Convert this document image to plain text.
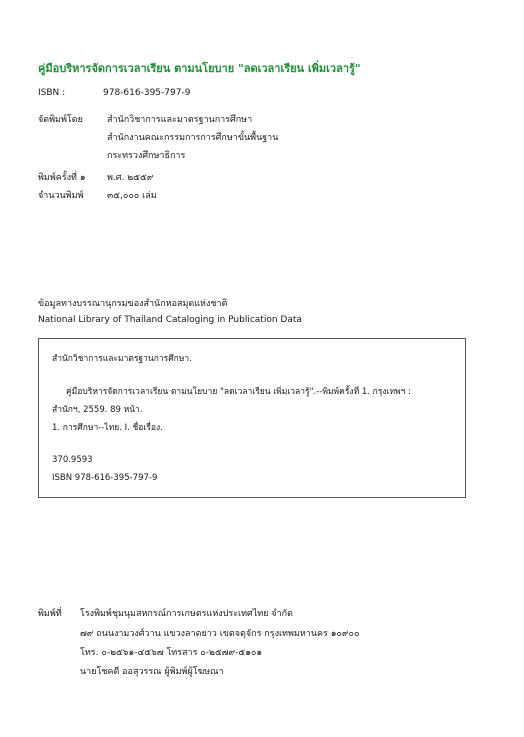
คู่มือบริหารจัดการเวลาเรียน ตามนโยบาย "ลดเวลาเรียน เพิ่มเวลารู้"
ISBN :	978-616-395-797-9
จัดพิมพ์โดย	สำนักวิชาการและมาตรฐานการศึกษา
สำนักงานคณะกรรมการการศึกษาขั้นพื้นฐาน
กระทรวงศึกษาธิการ
พิมพ์ครั้งที่ ๑ พ.ศ. ๒๕๕๙
จำนวนพิมพ์	๓๕,๐๐๐ เล่ม
ข้อมูลทางบรรณานุกรมของสำนักหอสมุดแห่งชาติ
National Library of Thailand Cataloging in Publication Data
สำนักวิชาการและมาตรฐานการศึกษา.
คู่มือบริหารจัดการเวลาเรียน ตามนโยบาย "ลดเวลาเรียน เพิ่มเวลารู้".--พิมพ์ครั้งที่ 1. กรุงเทพฯ :
สำนักฯ, 2559. 89 หน้า.
1. การศึกษา--ไทย. I. ชื่อเรื่อง.
370.9593
ISBN 978-616-395-797-9
พิมพ์ที่ โรงพิมพ์ชุมนุมสหกรณ์การเกษตรแห่งประเทศไทย จำกัด
๗๙ ถนนงามวงศ์วาน แขวงลาดยาว เขตจตุจักร กรุงเทพมหานคร ๑๐๙๐๐
โทร. ๐-๒๕๖๑-๔๕๖๗ โทรสาร ๐-๒๕๗๙-๕๑๐๑
นายโชคดี ออสุวรรณ ผู้พิมพ์ผู้โฆษณา
